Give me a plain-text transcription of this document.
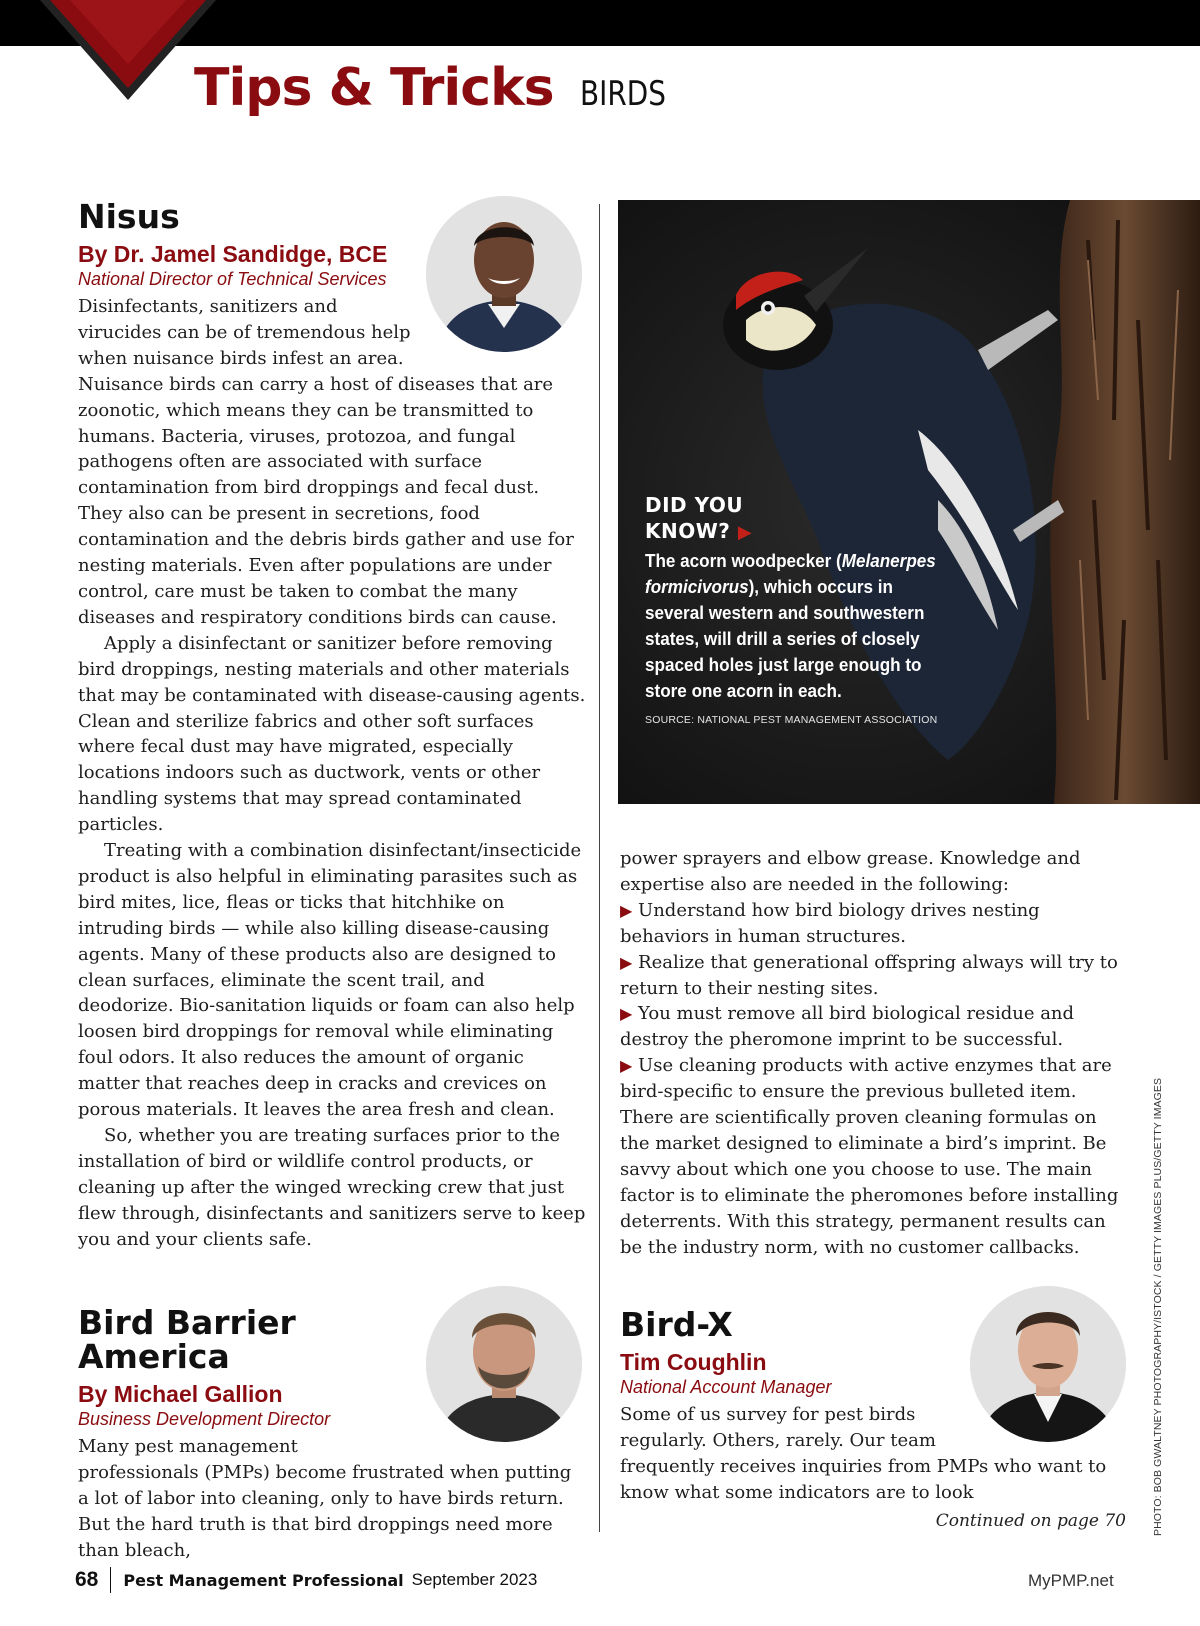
Tips & Tricks BIRDS
Nisus
By Dr. Jamel Sandidge, BCE
National Director of Technical Services

Disinfectants, sanitizers and virucides can be of tremendous help when nuisance birds infest an area. Nuisance birds can carry a host of diseases that are zoonotic, which means they can be transmitted to humans. Bacteria, viruses, protozoa, and fungal pathogens often are associated with surface contamination from bird droppings and fecal dust. They also can be present in secretions, food contamination and the debris birds gather and use for nesting materials. Even after populations are under control, care must be taken to combat the many diseases and respiratory conditions birds can cause.

Apply a disinfectant or sanitizer before removing bird droppings, nesting materials and other materials that may be contaminated with disease-causing agents. Clean and sterilize fabrics and other soft surfaces where fecal dust may have migrated, especially locations indoors such as ductwork, vents or other handling systems that may spread contaminated particles.

Treating with a combination disinfectant/insecticide product is also helpful in eliminating parasites such as bird mites, lice, fleas or ticks that hitchhike on intruding birds — while also killing disease-causing agents. Many of these products also are designed to clean surfaces, eliminate the scent trail, and deodorize. Bio-sanitation liquids or foam can also help loosen bird droppings for removal while eliminating foul odors. It also reduces the amount of organic matter that reaches deep in cracks and crevices on porous materials. It leaves the area fresh and clean.

So, whether you are treating surfaces prior to the installation of bird or wildlife control products, or cleaning up after the winged wrecking crew that just flew through, disinfectants and sanitizers serve to keep you and your clients safe.

Bird Barrier
America
By Michael Gallion
Business Development Director

Many pest management professionals (PMPs) become frustrated when putting a lot of labor into cleaning, only to have birds return. But the hard truth is that bird droppings need more than bleach,

DID YOU
KNOW? ▶
The acorn woodpecker (Melanerpes formicivorus), which occurs in several western and southwestern states, will drill a series of closely spaced holes just large enough to store one acorn in each.
SOURCE: NATIONAL PEST MANAGEMENT ASSOCIATION

power sprayers and elbow grease. Knowledge and expertise also are needed in the following:

▶ Understand how bird biology drives nesting behaviors in human structures.

▶ Realize that generational offspring always will try to return to their nesting sites.

▶ You must remove all bird biological residue and destroy the pheromone imprint to be successful.

▶ Use cleaning products with active enzymes that are bird-specific to ensure the previous bulleted item.

There are scientifically proven cleaning formulas on the market designed to eliminate a bird’s imprint. Be savvy about which one you choose to use. The main factor is to eliminate the pheromones before installing deterrents. With this strategy, permanent results can be the industry norm, with no customer callbacks.

Bird-X
Tim Coughlin
National Account Manager

Some of us survey for pest birds regularly. Others, rarely. Our team frequently receives inquiries from PMPs who want to know what some indicators are to look

Continued on page 70 PHOTO: BOB GWALTNEY PHOTOGRAPHY/ISTOCK / GETTY IMAGES PLUS/GETTY IMAGES
68 Pest Management Professional September 2023	MyPMP.net
